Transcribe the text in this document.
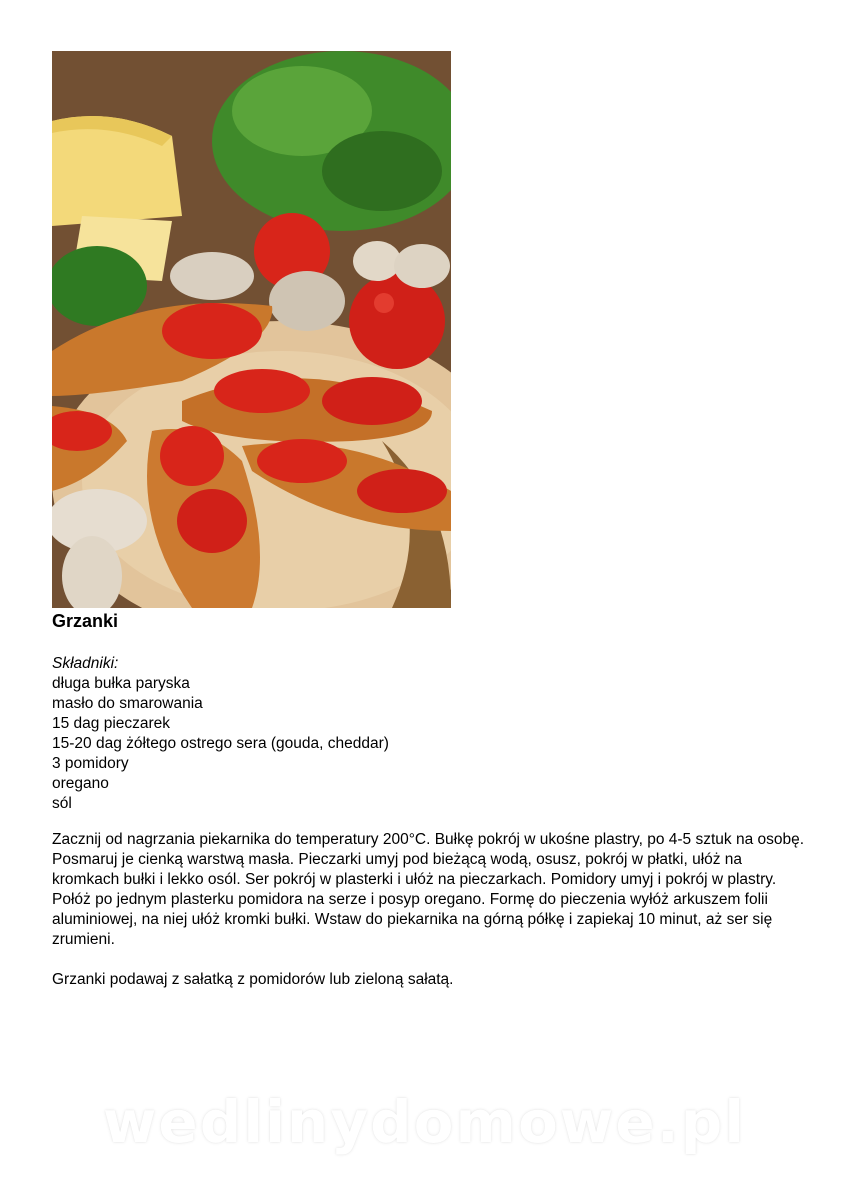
Grzanki
Składniki:
długa bułka paryska
masło do smarowania
15 dag pieczarek
15-20 dag żółtego ostrego sera (gouda, cheddar)
3 pomidory
oregano
sól

Zacznij od nagrzania piekarnika do temperatury 200°C. Bułkę pokrój w ukośne plastry, po 4-5 sztuk na osobę. Posmaruj je cienką warstwą masła. Pieczarki umyj pod bieżącą wodą, osusz, pokrój w płatki, ułóż na kromkach bułki i lekko osól. Ser pokrój w plasterki i ułóż na pieczarkach. Pomidory umyj i pokrój w plastry. Połóż po jednym plasterku pomidora na serze i posyp oregano. Formę do pieczenia wyłóż arkuszem folii aluminiowej, na niej ułóż kromki bułki. Wstaw do piekarnika na górną półkę i zapiekaj 10 minut, aż ser się zrumieni.

Grzanki podawaj z sałatką z pomidorów lub zieloną sałatą.

wedlinydomowe.pl
